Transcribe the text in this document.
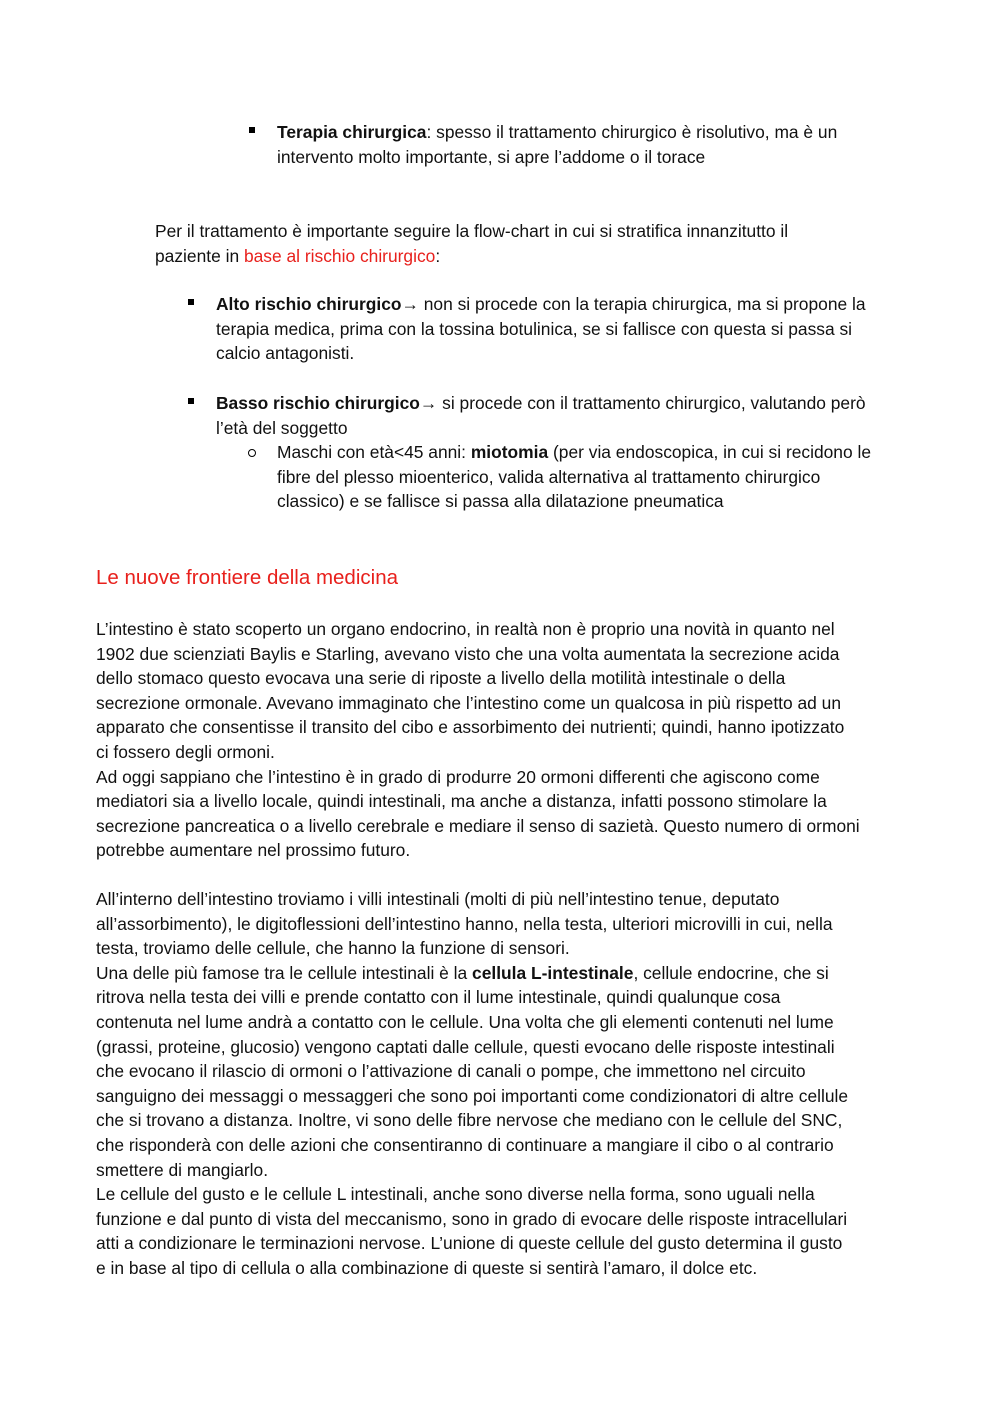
Terapia chirurgica: spesso il trattamento chirurgico è risolutivo, ma è un
intervento molto importante, si apre l’addome o il torace
Per il trattamento è importante seguire la flow-chart in cui si stratifica innanzitutto il
paziente in base al rischio chirurgico:
Alto rischio chirurgico→ non si procede con la terapia chirurgica, ma si propone la
terapia medica, prima con la tossina botulinica, se si fallisce con questa si passa si
calcio antagonisti.
Basso rischio chirurgico→ si procede con il trattamento chirurgico, valutando però
l’età del soggetto
Maschi con età<45 anni: miotomia (per via endoscopica, in cui si recidono le
fibre del plesso mioenterico, valida alternativa al trattamento chirurgico
classico) e se fallisce si passa alla dilatazione pneumatica
Le nuove frontiere della medicina
L’intestino è stato scoperto un organo endocrino, in realtà non è proprio una novità in quanto nel
1902 due scienziati Baylis e Starling, avevano visto che una volta aumentata la secrezione acida
dello stomaco questo evocava una serie di riposte a livello della motilità intestinale o della
secrezione ormonale. Avevano immaginato che l’intestino come un qualcosa in più rispetto ad un
apparato che consentisse il transito del cibo e assorbimento dei nutrienti; quindi, hanno ipotizzato
ci fossero degli ormoni.
Ad oggi sappiano che l’intestino è in grado di produrre 20 ormoni differenti che agiscono come
mediatori sia a livello locale, quindi intestinali, ma anche a distanza, infatti possono stimolare la
secrezione pancreatica o a livello cerebrale e mediare il senso di sazietà. Questo numero di ormoni
potrebbe aumentare nel prossimo futuro.
All’interno dell’intestino troviamo i villi intestinali (molti di più nell’intestino tenue, deputato
all’assorbimento), le digitoflessioni dell’intestino hanno, nella testa, ulteriori microvilli in cui, nella
testa, troviamo delle cellule, che hanno la funzione di sensori.
Una delle più famose tra le cellule intestinali è la cellula L-intestinale, cellule endocrine, che si
ritrova nella testa dei villi e prende contatto con il lume intestinale, quindi qualunque cosa
contenuta nel lume andrà a contatto con le cellule. Una volta che gli elementi contenuti nel lume
(grassi, proteine, glucosio) vengono captati dalle cellule, questi evocano delle risposte intestinali
che evocano il rilascio di ormoni o l’attivazione di canali o pompe, che immettono nel circuito
sanguigno dei messaggi o messaggeri che sono poi importanti come condizionatori di altre cellule
che si trovano a distanza. Inoltre, vi sono delle fibre nervose che mediano con le cellule del SNC,
che risponderà con delle azioni che consentiranno di continuare a mangiare il cibo o al contrario
smettere di mangiarlo.
Le cellule del gusto e le cellule L intestinali, anche sono diverse nella forma, sono uguali nella
funzione e dal punto di vista del meccanismo, sono in grado di evocare delle risposte intracellulari
atti a condizionare le terminazioni nervose. L’unione di queste cellule del gusto determina il gusto
e in base al tipo di cellula o alla combinazione di queste si sentirà l’amaro, il dolce etc.
